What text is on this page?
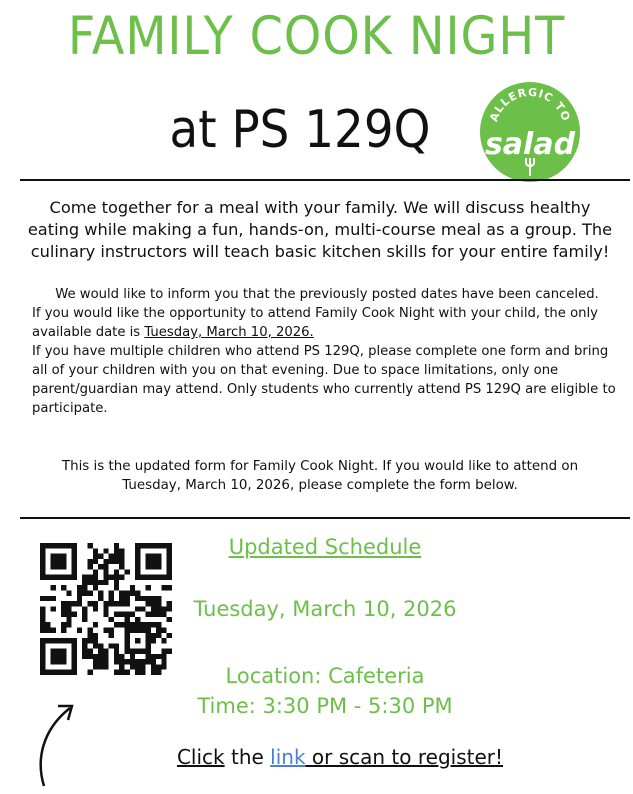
FAMILY COOK NIGHT
at PS 129Q	ALLERGIC TO
salad
Come together for a meal with your family. We will discuss healthy eating while making a fun, hands-on, multi-course meal as a group. The culinary instructors will teach basic kitchen skills for your entire family!
We would like to inform you that the previously posted dates have been canceled.
If you would like the opportunity to attend Family Cook Night with your child, the only available date is Tuesday, March 10, 2026.
If you have multiple children who attend PS 129Q, please complete one form and bring all of your children with you on that evening. Due to space limitations, only one parent/guardian may attend. Only students who currently attend PS 129Q are eligible to participate.
This is the updated form for Family Cook Night. If you would like to attend on Tuesday, March 10, 2026, please complete the form below.
Updated Schedule
Tuesday, March 10, 2026
Location: Cafeteria
Time: 3:30 PM - 5:30 PM
Click the link or scan to register!
